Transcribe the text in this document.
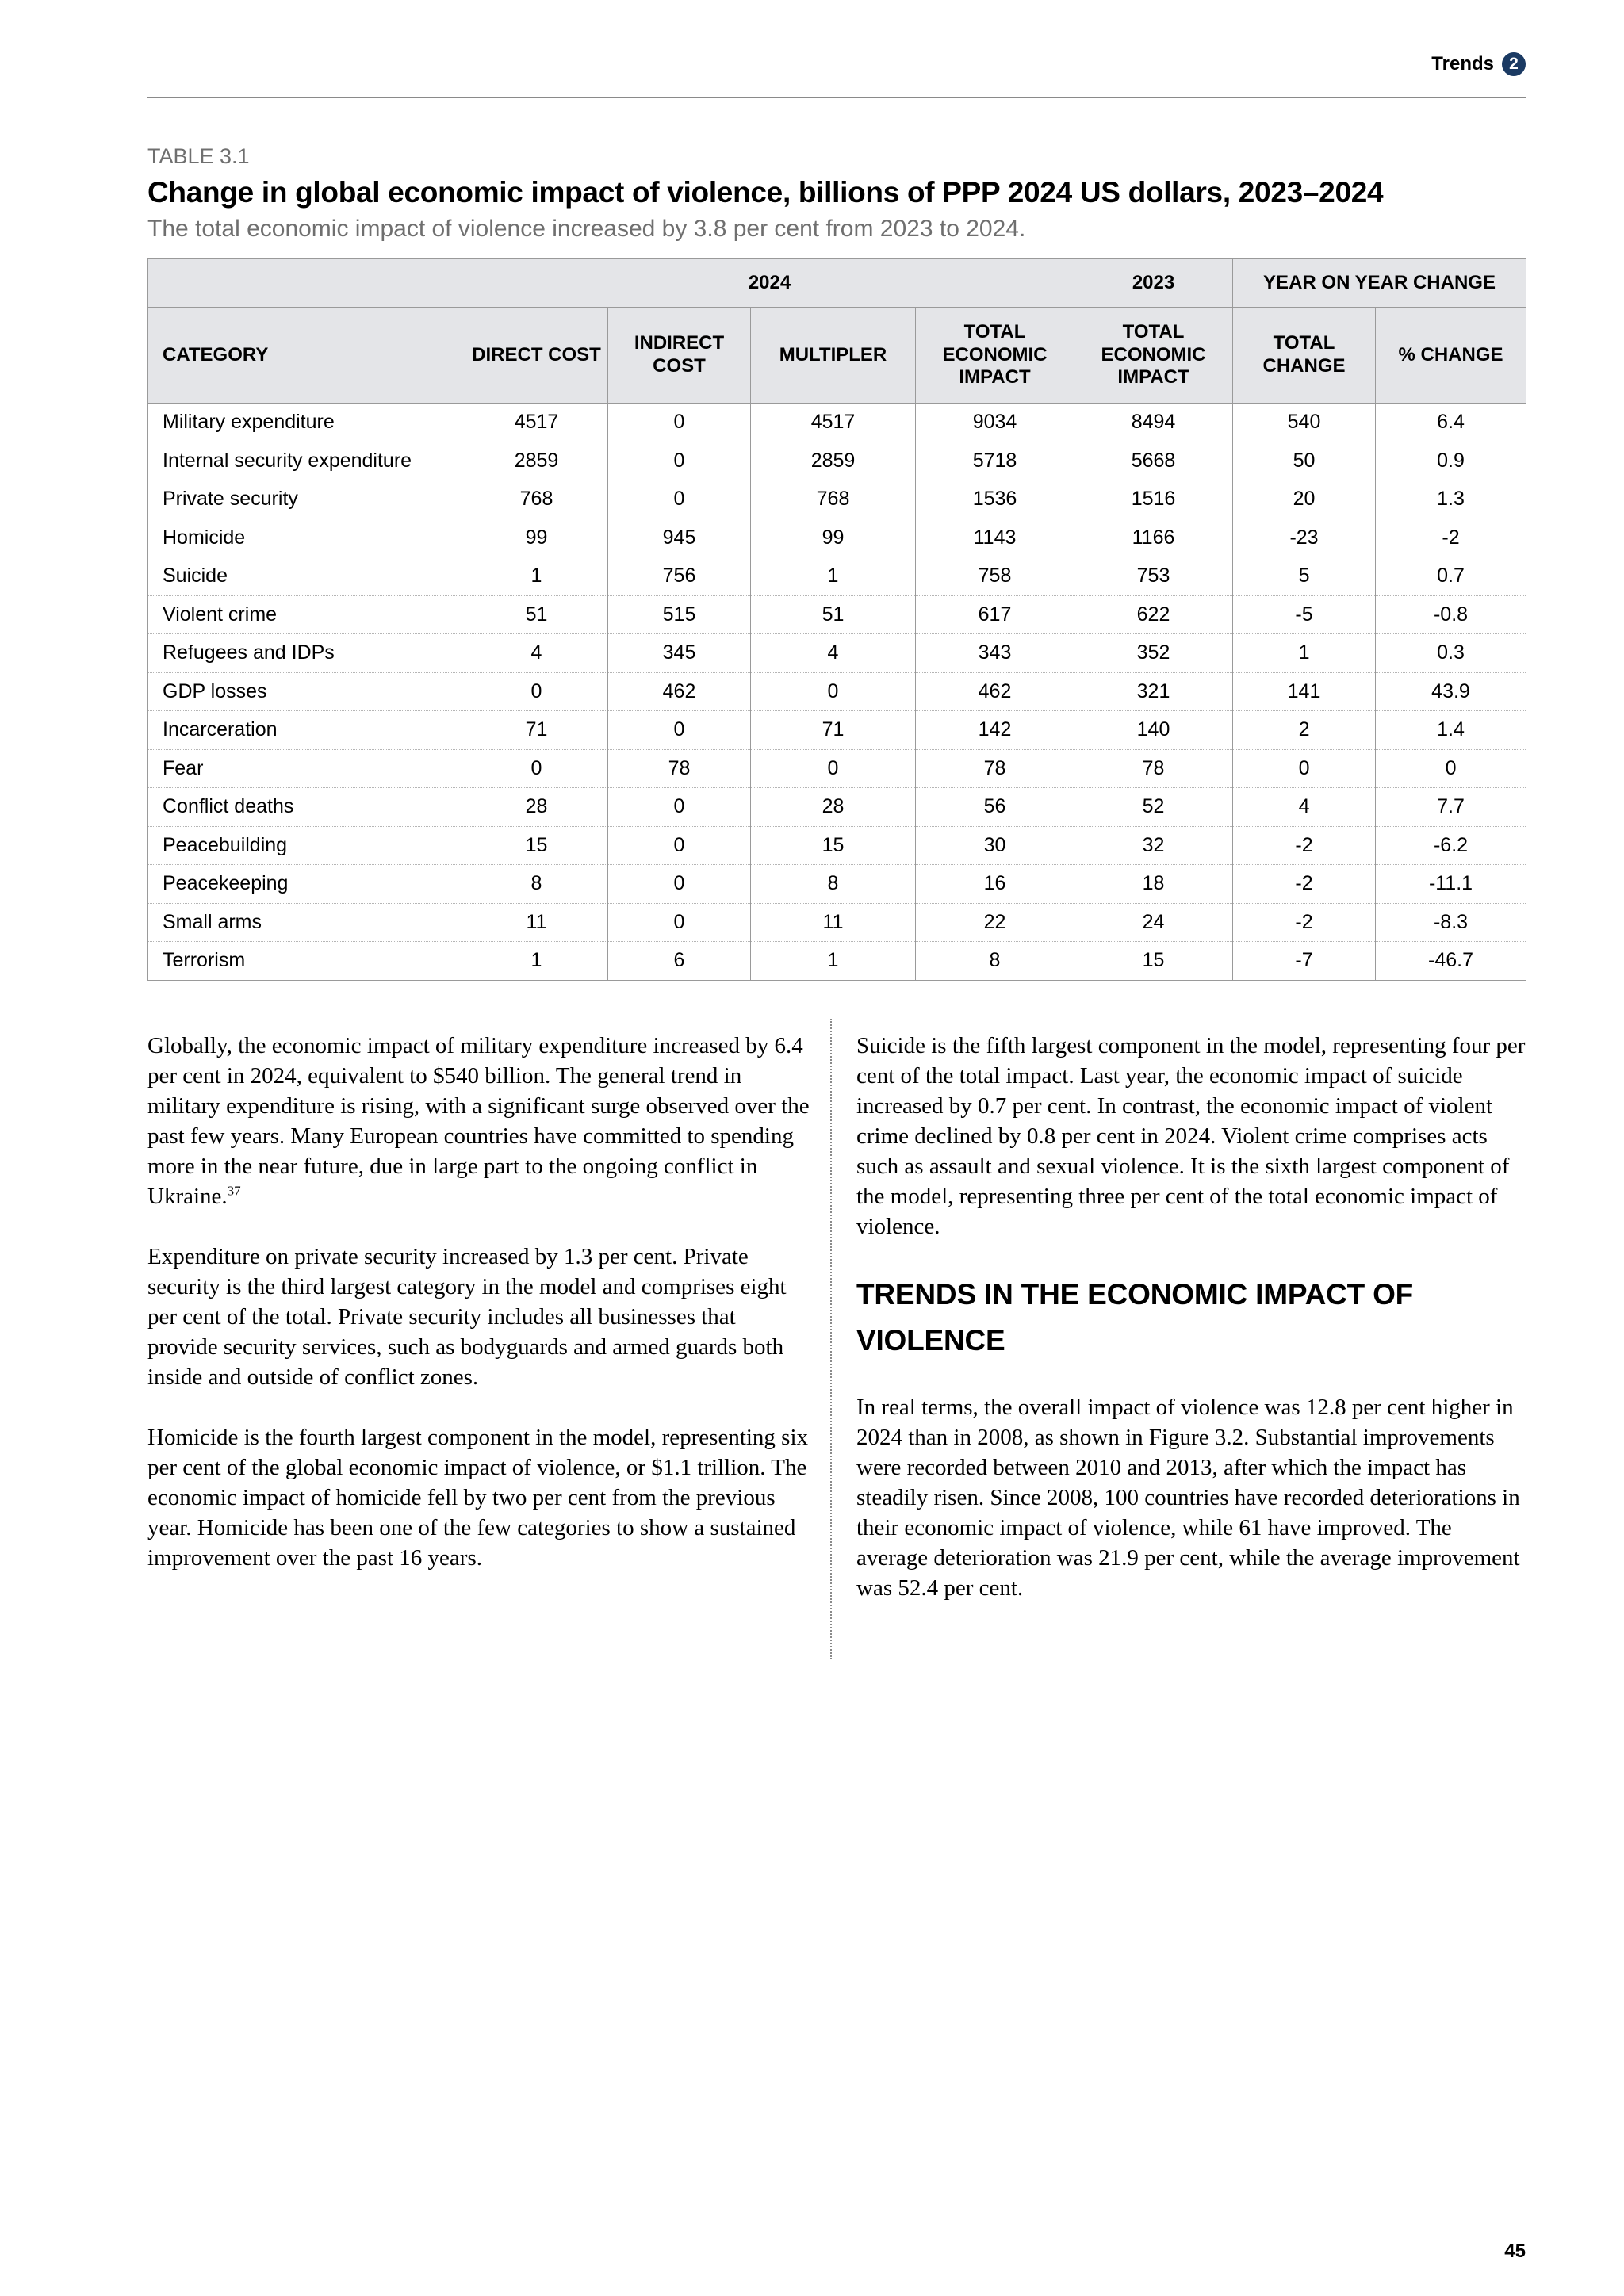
Trends 2
TABLE 3.1
Change in global economic impact of violence, billions of PPP 2024 US dollars, 2023–2024
The total economic impact of violence increased by 3.8 per cent from 2023 to 2024.
	2024				2023	YEAR ON YEAR CHANGE	
CATEGORY	DIRECT COST	INDIRECT COST	MULTIPLER	TOTAL ECONOMIC IMPACT	TOTAL ECONOMIC IMPACT	TOTAL CHANGE	% CHANGE
Military expenditure	4517	0	4517	9034	8494	540	6.4
Internal security expenditure	2859	0	2859	5718	5668	50	0.9
Private security	768	0	768	1536	1516	20	1.3
Homicide	99	945	99	1143	1166	-23	-2
Suicide	1	756	1	758	753	5	0.7
Violent crime	51	515	51	617	622	-5	-0.8
Refugees and IDPs	4	345	4	343	352	1	0.3
GDP losses	0	462	0	462	321	141	43.9
Incarceration	71	0	71	142	140	2	1.4
Fear	0	78	0	78	78	0	0
Conflict deaths	28	0	28	56	52	4	7.7
Peacebuilding	15	0	15	30	32	-2	-6.2
Peacekeeping	8	0	8	16	18	-2	-11.1
Small arms	11	0	11	22	24	-2	-8.3
Terrorism	1	6	1	8	15	-7	-46.7

Globally, the economic impact of military expenditure increased by 6.4 per cent in 2024, equivalent to $540 billion. The general trend in military expenditure is rising, with a significant surge observed over the past few years. Many European countries have committed to spending more in the near future, due in large part to the ongoing conflict in Ukraine.$^{37}$

Expenditure on private security increased by 1.3 per cent. Private security is the third largest category in the model and comprises eight per cent of the total. Private security includes all businesses that provide security services, such as bodyguards and armed guards both inside and outside of conflict zones.

Homicide is the fourth largest component in the model, representing six per cent of the global economic impact of violence, or $1.1 trillion. The economic impact of homicide fell by two per cent from the previous year. Homicide has been one of the few categories to show a sustained improvement over the past 16 years.

Suicide is the fifth largest component in the model, representing four per cent of the total impact. Last year, the economic impact of suicide increased by 0.7 per cent. In contrast, the economic impact of violent crime declined by 0.8 per cent in 2024. Violent crime comprises acts such as assault and sexual violence. It is the sixth largest component of the model, representing three per cent of the total economic impact of violence.

TRENDS IN THE ECONOMIC IMPACT OF VIOLENCE

In real terms, the overall impact of violence was 12.8 per cent higher in 2024 than in 2008, as shown in Figure 3.2. Substantial improvements were recorded between 2010 and 2013, after which the impact has steadily risen. Since 2008, 100 countries have recorded deteriorations in their economic impact of violence, while 61 have improved. The average deterioration was 21.9 per cent, while the average improvement was 52.4 per cent.

45
